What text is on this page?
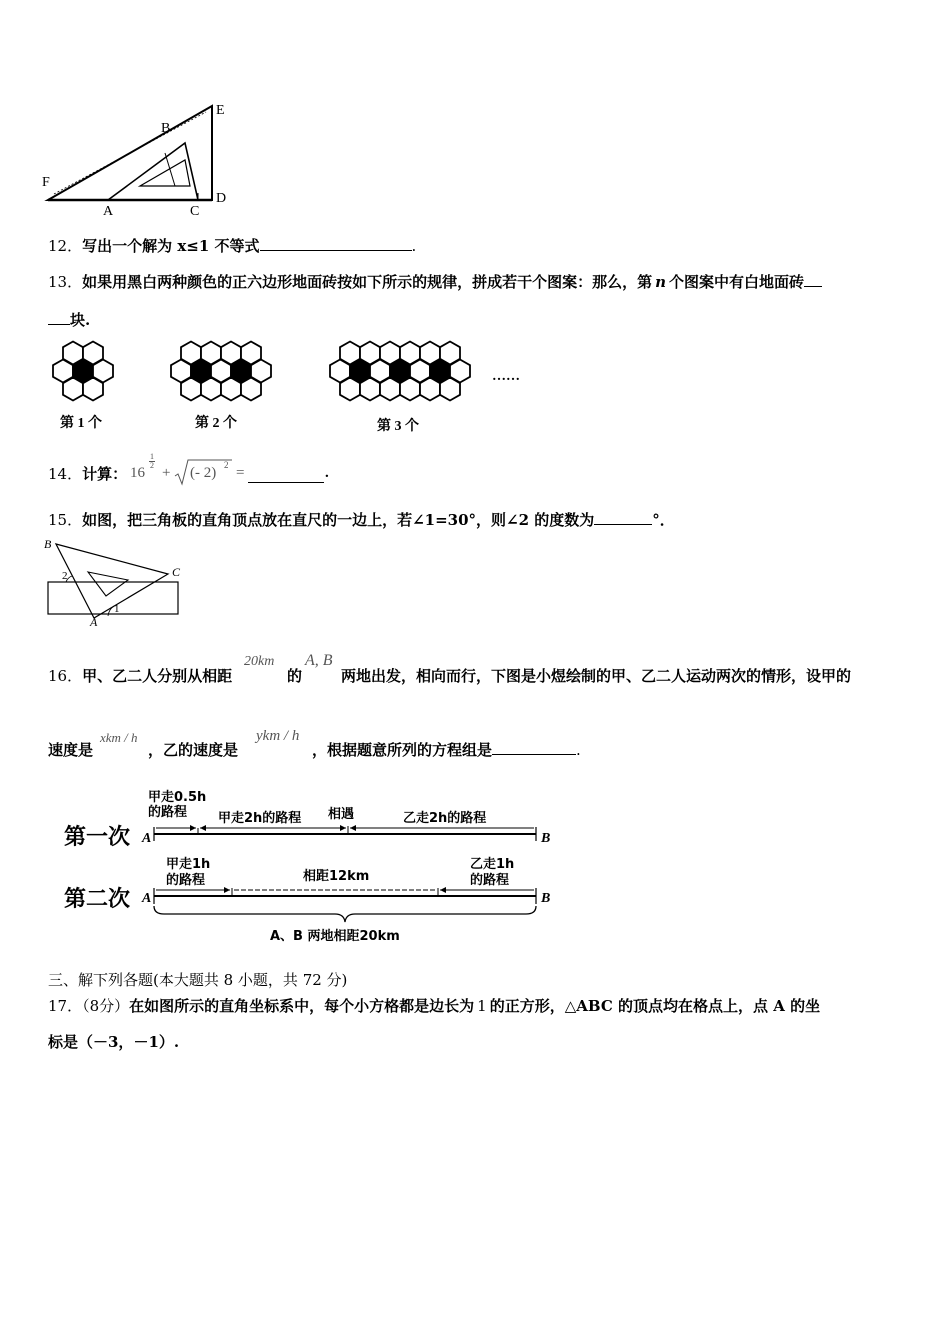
E
B
F
A	C
D
12．写出一个解为 x≤1 不等式	.
13．如果用黑白两种颜色的正六边形地面砖按如下所示的规律，拼成若干个图案：那么，第 n 个图案中有白地面砖
块.
……
第 1 个	第 2 个	第 3 个
14．计算： 16
1
2 + (- 2) 2 =	.
15．如图，把三角板的直角顶点放在直尺的一边上，若∠1=30°，则∠2 的度数为	°．
B
C
2
1
A
16．甲、乙二人分别从相距
20km
的
A, B
两地出发，相向而行，下图是小煜绘制的甲、乙二人运动两次的情形，设甲的
速度是
xkm / h
，乙的速度是
ykm / h
，根据题意所列的方程组是	.
第一次 A
甲走0.5h
的路程 甲走2h的路程 相遇	乙走2h的路程
B
第二次 A
甲走1h
的路程	相距12km
乙走1h
的路程
B
A、B 两地相距20km
三、解下列各题(本大题共 8 小题，共 72 分)
17．（8分）在如图所示的直角坐标系中，每个小方格都是边长为 1 的正方形，△ABC 的顶点均在格点上，点 A 的坐
标是（－3，－1）.
